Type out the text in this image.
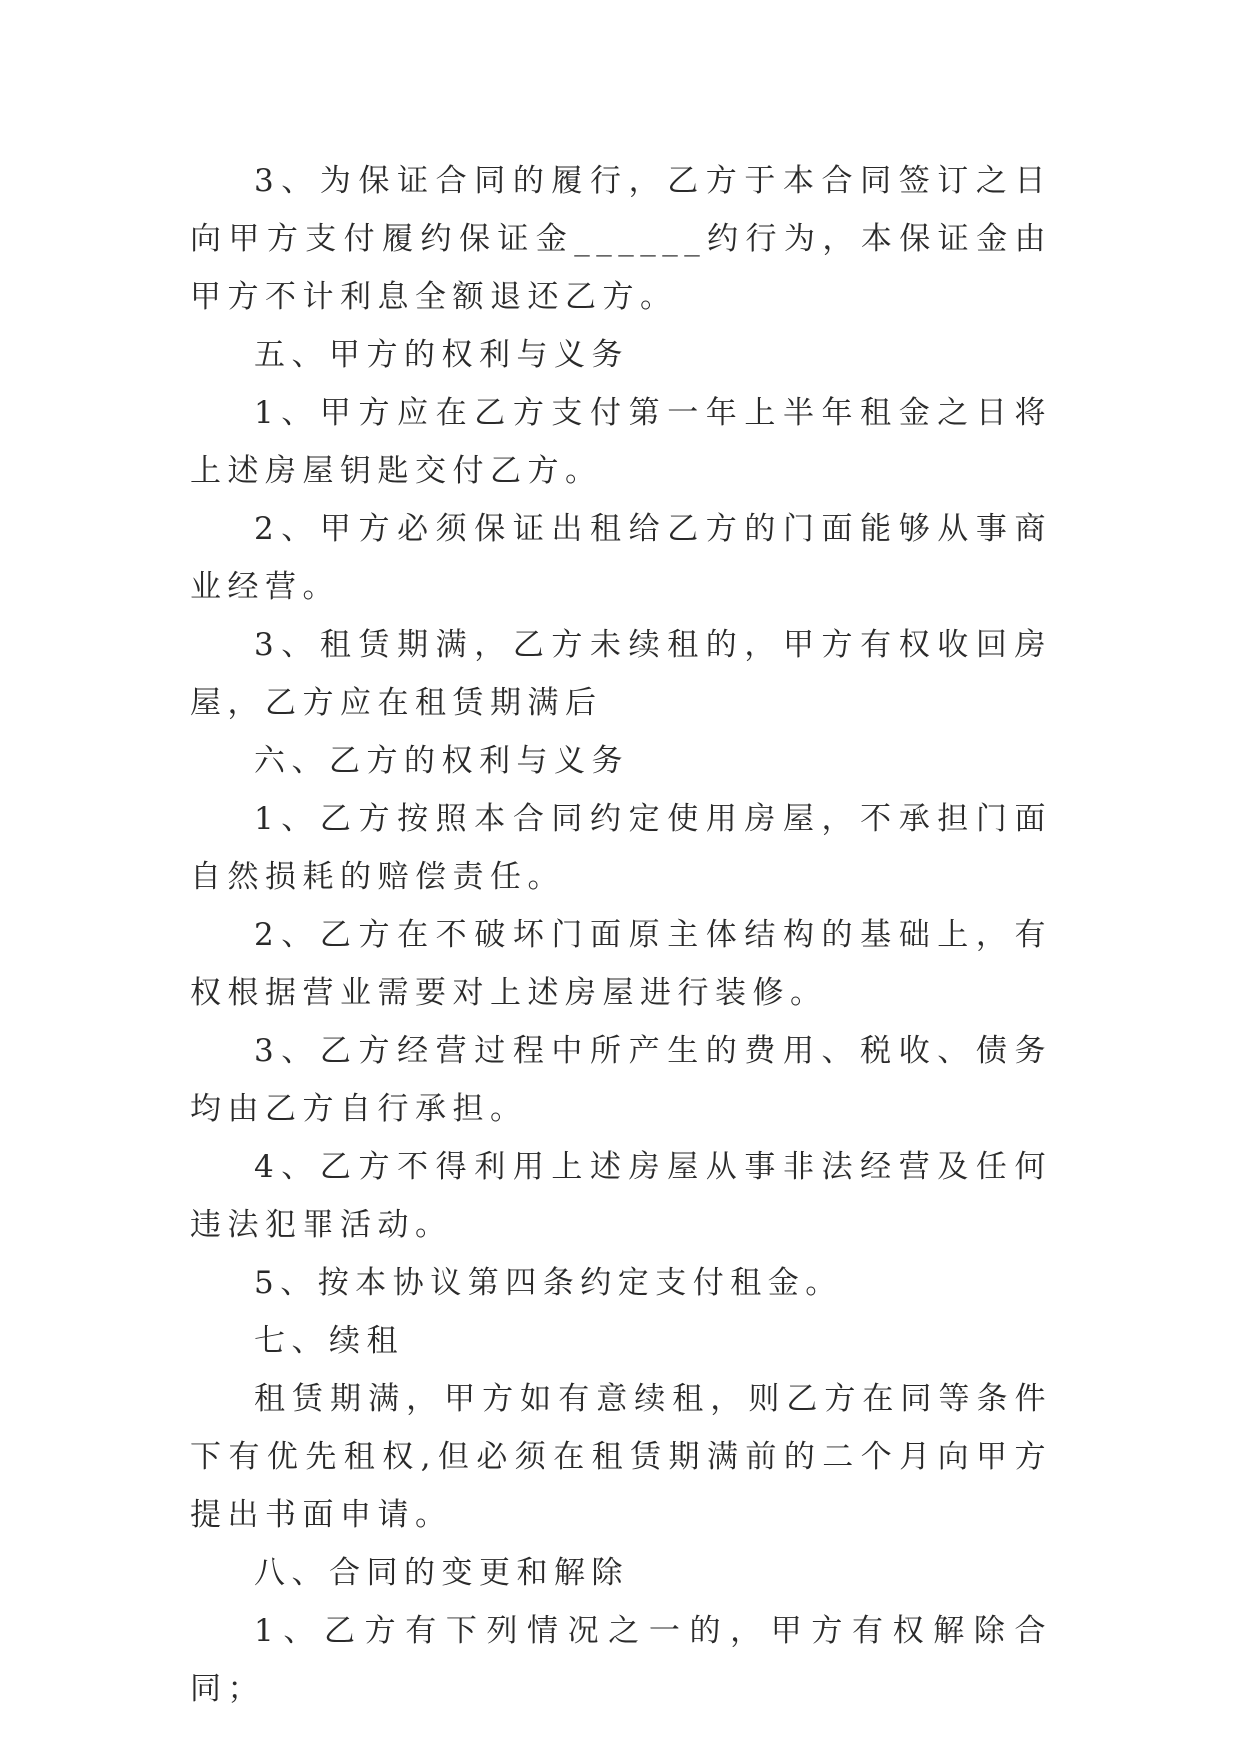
3、为保证合同的履行，乙方于本合同签订之日向甲方支付履约保证金______约行为，本保证金由甲方不计利息全额退还乙方。

五、甲方的权利与义务

1、甲方应在乙方支付第一年上半年租金之日将上述房屋钥匙交付乙方。

2、甲方必须保证出租给乙方的门面能够从事商业经营。

3、租赁期满，乙方未续租的，甲方有权收回房屋，乙方应在租赁期满后

六、乙方的权利与义务

1、乙方按照本合同约定使用房屋，不承担门面自然损耗的赔偿责任。

2、乙方在不破坏门面原主体结构的基础上，有权根据营业需要对上述房屋进行装修。

3、乙方经营过程中所产生的费用、税收、债务均由乙方自行承担。

4、乙方不得利用上述房屋从事非法经营及任何违法犯罪活动。

5、按本协议第四条约定支付租金。

七、续租

租赁期满，甲方如有意续租，则乙方在同等条件下有优先租权,但必须在租赁期满前的二个月向甲方提出书面申请。

八、合同的变更和解除

1、乙方有下列情况之一的，甲方有权解除合同；
